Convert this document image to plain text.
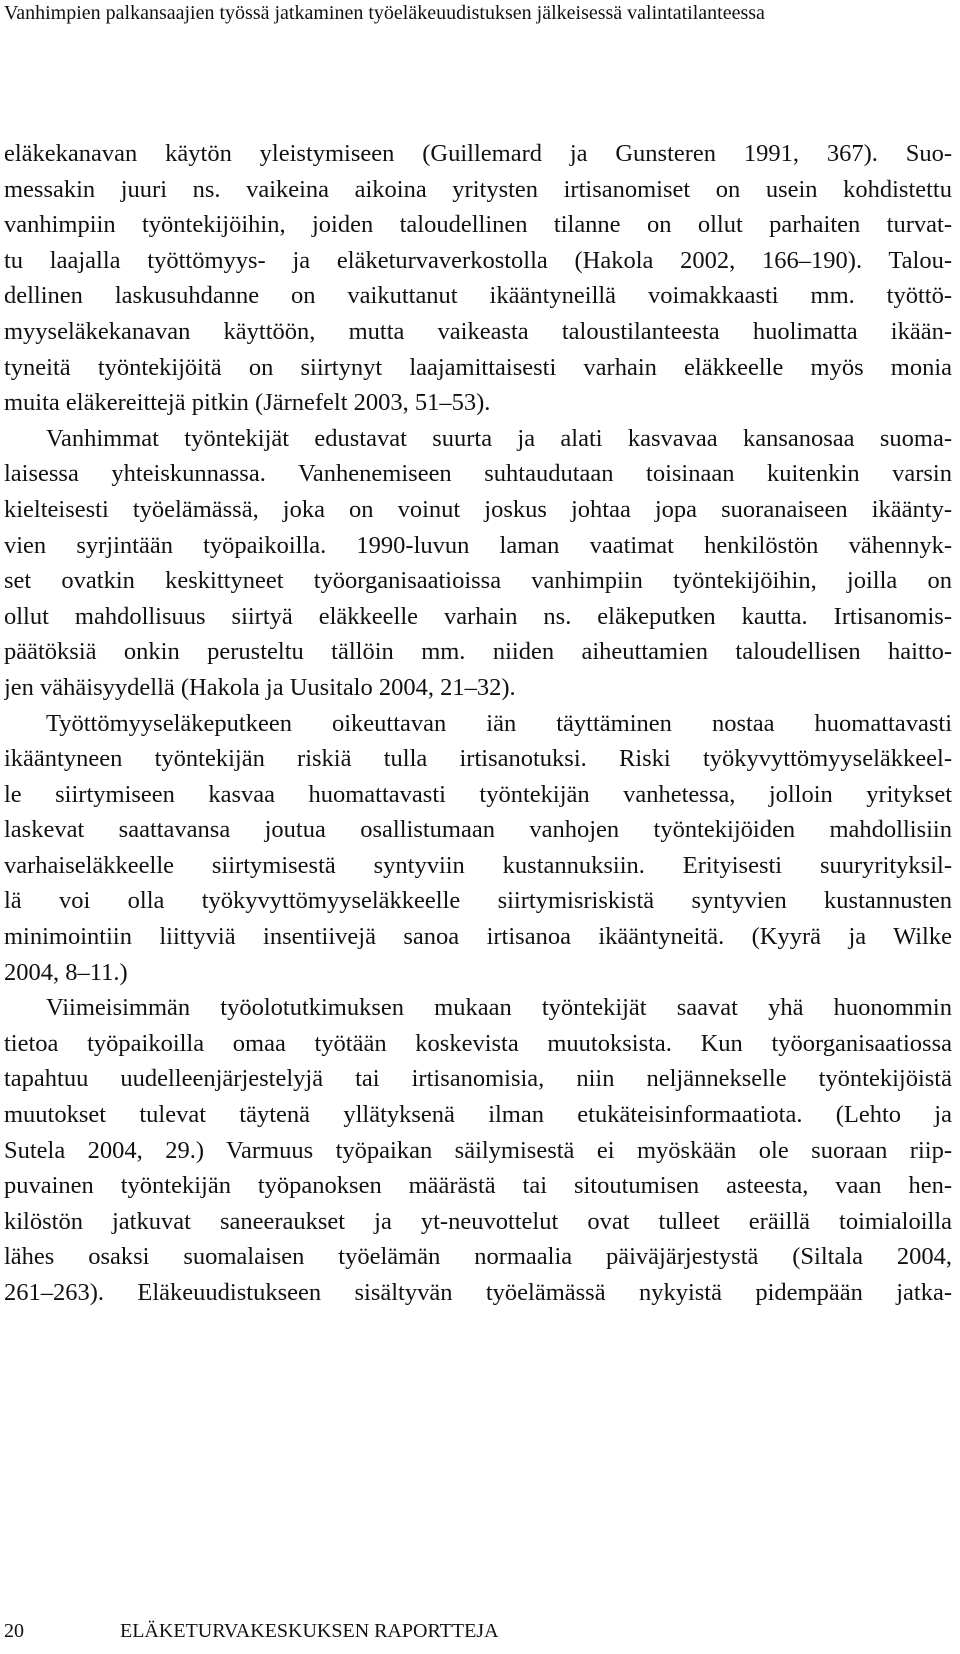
Vanhimpien palkansaajien työssä jatkaminen työeläkeuudistuksen jälkeisessä valintatilanteessa

eläkekanavan käytön yleistymiseen (Guillemard ja Gunsteren 1991, 367). Suo-
messakin juuri ns. vaikeina aikoina yritysten irtisanomiset on usein kohdistettu
vanhimpiin työntekijöihin, joiden taloudellinen tilanne on ollut parhaiten turvat-
tu laajalla työttömyys- ja eläketurvaverkostolla (Hakola 2002, 166–190). Talou-
dellinen laskusuhdanne on vaikuttanut ikääntyneillä voimakkaasti mm. työttö-
myyseläkekanavan käyttöön, mutta vaikeasta taloustilanteesta huolimatta ikään-
tyneitä työntekijöitä on siirtynyt laajamittaisesti varhain eläkkeelle myös monia
muita eläkereittejä pitkin (Järnefelt 2003, 51–53).

Vanhimmat työntekijät edustavat suurta ja alati kasvavaa kansanosaa suoma-
laisessa yhteiskunnassa. Vanhenemiseen suhtaudutaan toisinaan kuitenkin varsin
kielteisesti työelämässä, joka on voinut joskus johtaa jopa suoranaiseen ikäänty-
vien syrjintään työpaikoilla. 1990-luvun laman vaatimat henkilöstön vähennyk-
set ovatkin keskittyneet työorganisaatioissa vanhimpiin työntekijöihin, joilla on
ollut mahdollisuus siirtyä eläkkeelle varhain ns. eläkeputken kautta. Irtisanomis-
päätöksiä onkin perusteltu tällöin mm. niiden aiheuttamien taloudellisen haitto-
jen vähäisyydellä (Hakola ja Uusitalo 2004, 21–32).

Työttömyyseläkeputkeen oikeuttavan iän täyttäminen nostaa huomattavasti
ikääntyneen työntekijän riskiä tulla irtisanotuksi. Riski työkyvyttömyyseläkkeel-
le siirtymiseen kasvaa huomattavasti työntekijän vanhetessa, jolloin yritykset
laskevat saattavansa joutua osallistumaan vanhojen työntekijöiden mahdollisiin
varhaiseläkkeelle siirtymisestä syntyviin kustannuksiin. Erityisesti suuryrityksil-
lä voi olla työkyvyttömyyseläkkeelle siirtymisriskistä syntyvien kustannusten
minimointiin liittyviä insentiivejä sanoa irtisanoa ikääntyneitä. (Kyyrä ja Wilke
2004, 8–11.)

Viimeisimmän työolotutkimuksen mukaan työntekijät saavat yhä huonommin
tietoa työpaikoilla omaa työtään koskevista muutoksista. Kun työorganisaatiossa
tapahtuu uudelleenjärjestelyjä tai irtisanomisia, niin neljännekselle työntekijöistä
muutokset tulevat täytenä yllätyksenä ilman etukäteisinformaatiota. (Lehto ja
Sutela 2004, 29.) Varmuus työpaikan säilymisestä ei myöskään ole suoraan riip-
puvainen työntekijän työpanoksen määrästä tai sitoutumisen asteesta, vaan hen-
kilöstön jatkuvat saneeraukset ja yt-neuvottelut ovat tulleet eräillä toimialoilla
lähes osaksi suomalaisen työelämän normaalia päiväjärjestystä (Siltala 2004,
261–263). Eläkeuudistukseen sisältyvän työelämässä nykyistä pidempään jatka-

20	ELÄKETURVAKESKUKSEN RAPORTTEJA
